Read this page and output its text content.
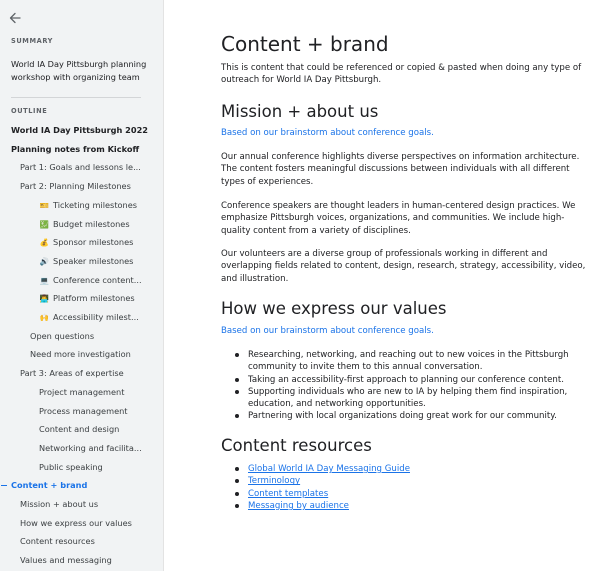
SUMMARY
World IA Day Pittsburgh planning workshop with organizing team
OUTLINE
World IA Day Pittsburgh 2022
Planning notes from Kickoff
Part 1: Goals and lessons le...
Part 2: Planning Milestones
🎫 Ticketing milestones
💹 Budget milestones
💰 Sponsor milestones
🔊 Speaker milestones
💻 Conference content...
👨‍💻 Platform milestones
🙌 Accessibility milest...
Open questions
Need more investigation
Part 3: Areas of expertise
Project management
Process management
Content and design
Networking and facilita...
Public speaking
Content + brand
Mission + about us
How we express our values
Content resources
Values and messaging
Content + brand

This is content that could be referenced or copied & pasted when doing any type of outreach for World IA Day Pittsburgh.

Mission + about us
Based on our brainstorm about conference goals.

Our annual conference highlights diverse perspectives on information architecture. The content fosters meaningful discussions between individuals with all different types of experiences.

Conference speakers are thought leaders in human-centered design practices. We emphasize Pittsburgh voices, organizations, and communities. We include high-quality content from a variety of disciplines.

Our volunteers are a diverse group of professionals working in different and overlapping fields related to content, design, research, strategy, accessibility, video, and illustration.

How we express our values
Based on our brainstorm about conference goals.
Researching, networking, and reaching out to new voices in the Pittsburgh community to invite them to this annual conversation.
Taking an accessibility-first approach to planning our conference content.
Supporting individuals who are new to IA by helping them find inspiration, education, and networking opportunities.
Partnering with local organizations doing great work for our community.
Content resources
Global World IA Day Messaging Guide
Terminology
Content templates
Messaging by audience
